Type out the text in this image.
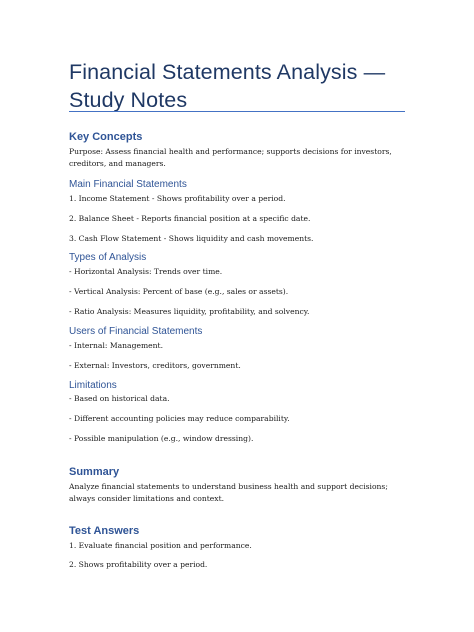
Financial Statements Analysis — Study Notes
Key Concepts
Purpose: Assess financial health and performance; supports decisions for investors, creditors, and managers.
Main Financial Statements
1. Income Statement - Shows profitability over a period.
2. Balance Sheet - Reports financial position at a specific date.
3. Cash Flow Statement - Shows liquidity and cash movements.
Types of Analysis
- Horizontal Analysis: Trends over time.
- Vertical Analysis: Percent of base (e.g., sales or assets).
- Ratio Analysis: Measures liquidity, profitability, and solvency.
Users of Financial Statements
- Internal: Management.
- External: Investors, creditors, government.
Limitations
- Based on historical data.
- Different accounting policies may reduce comparability.
- Possible manipulation (e.g., window dressing).
Summary
Analyze financial statements to understand business health and support decisions; always consider limitations and context.
Test Answers
1. Evaluate financial position and performance.
2. Shows profitability over a period.
